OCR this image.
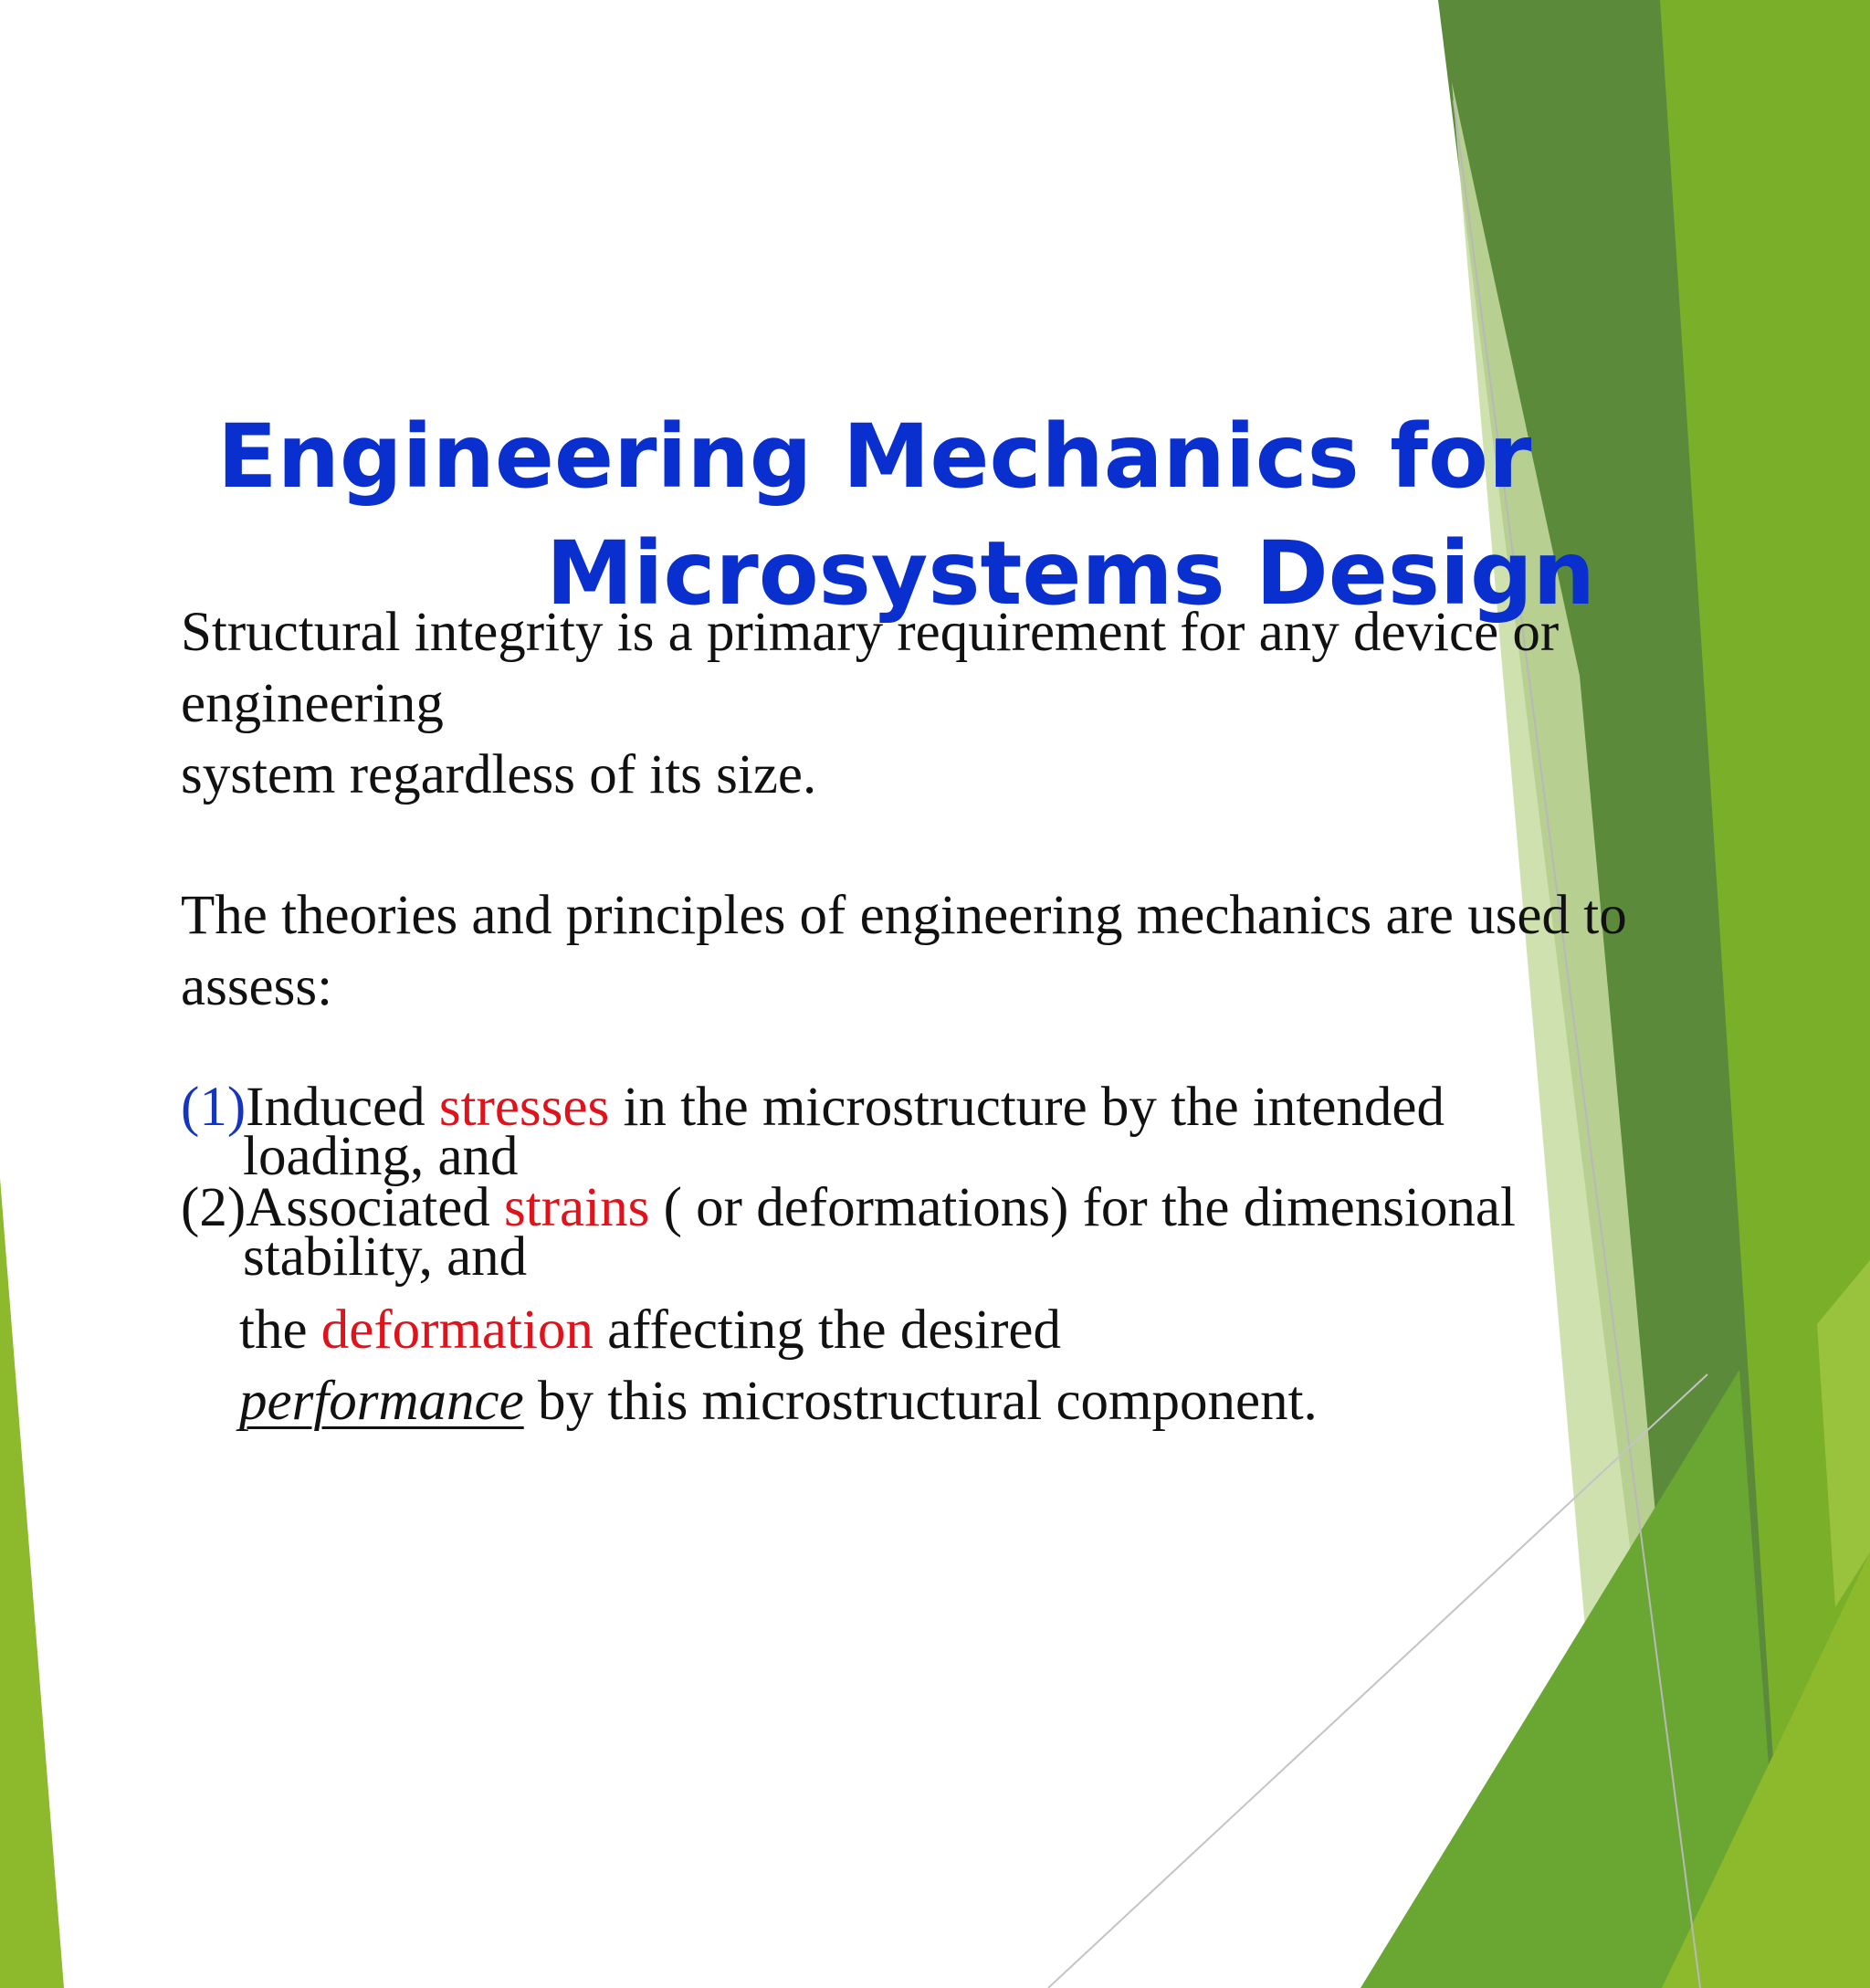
Engineering Mechanics for
Microsystems Design

Structural integrity is a primary requirement for any device or

engineering

system regardless of its size.

The theories and principles of engineering mechanics are used to

assess:

(1)Induced stresses in the microstructure by the intended

loading, and

(2)Associated strains ( or deformations) for the dimensional

stability, and

the deformation affecting the desired

performance by this microstructural component.
